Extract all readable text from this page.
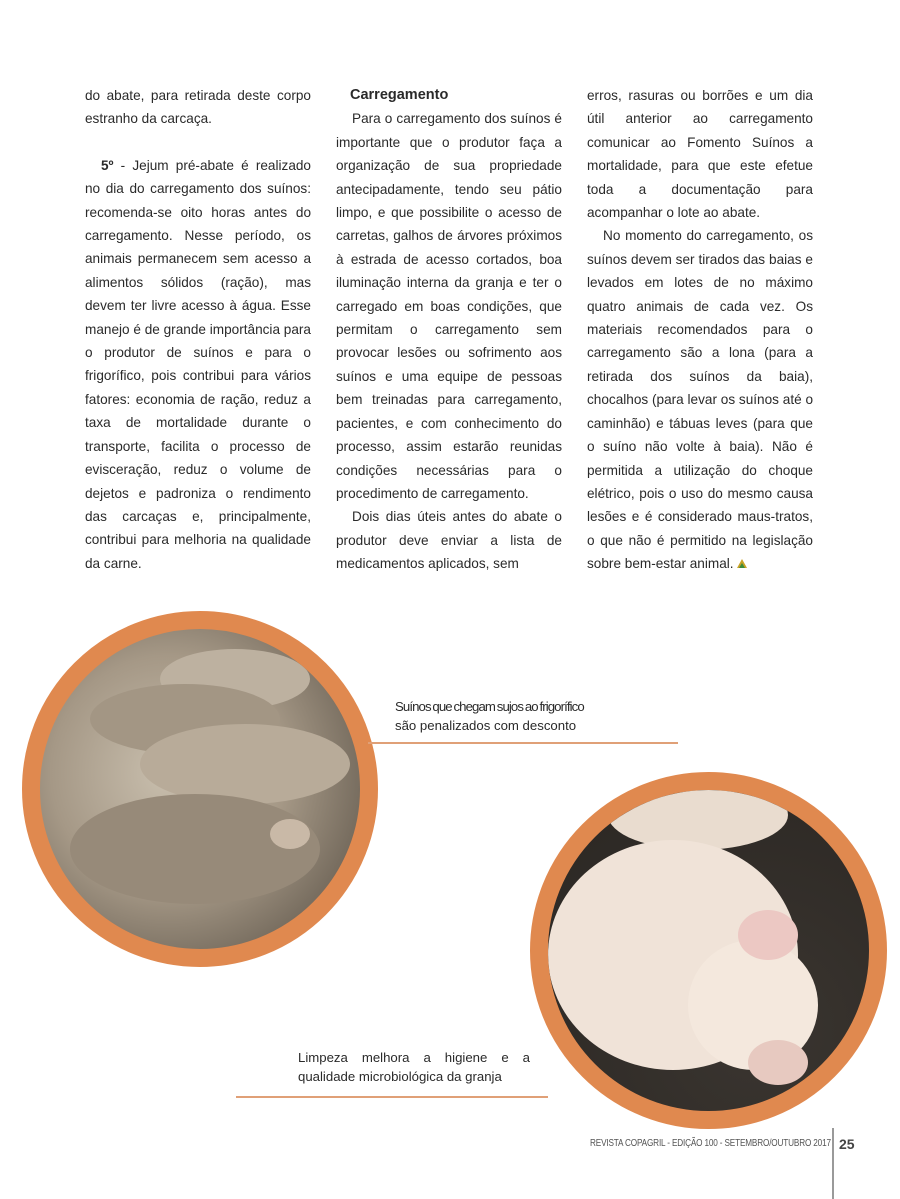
do abate, para retirada deste corpo estranho da carcaça.

5º - Jejum pré-abate é realizado no dia do carregamento dos suínos: recomenda-se oito horas antes do carregamento. Nesse período, os animais permanecem sem acesso a alimentos sólidos (ração), mas devem ter livre acesso à água. Esse manejo é de grande importância para o produtor de suínos e para o frigorífico, pois contribui para vários fatores: economia de ração, reduz a taxa de mortalidade durante o transporte, facilita o processo de evisceração, reduz o volume de dejetos e padroniza o rendimento das carcaças e, principalmente, contribui para melhoria na qualidade da carne.

Carregamento

Para o carregamento dos suínos é importante que o produtor faça a organização de sua propriedade antecipadamente, tendo seu pátio limpo, e que possibilite o acesso de carretas, galhos de árvores próximos à estrada de acesso cortados, boa iluminação interna da granja e ter o carregado em boas condições, que permitam o carregamento sem provocar lesões ou sofrimento aos suínos e uma equipe de pessoas bem treinadas para carregamento, pacientes, e com conhecimento do processo, assim estarão reunidas condições necessárias para o procedimento de carregamento.

Dois dias úteis antes do abate o produtor deve enviar a lista de medicamentos aplicados, sem

erros, rasuras ou borrões e um dia útil anterior ao carregamento comunicar ao Fomento Suínos a mortalidade, para que este efetue toda a documentação para acompanhar o lote ao abate.

No momento do carregamento, os suínos devem ser tirados das baias e levados em lotes de no máximo quatro animais de cada vez. Os materiais recomendados para o carregamento são a lona (para a retirada dos suínos da baia), chocalhos (para levar os suínos até o caminhão) e tábuas leves (para que o suíno não volte à baia). Não é permitida a utilização do choque elétrico, pois o uso do mesmo causa lesões e é considerado maus-tratos, o que não é permitido na legislação sobre bem-estar animal.

Suínos que chegam sujos ao frigorífico
são penalizados com desconto
Limpeza melhora a higiene e a qualidade microbiológica da granja
REVISTA COPAGRIL - EDIÇÃO 100 - SETEMBRO/OUTUBRO 2017 25
